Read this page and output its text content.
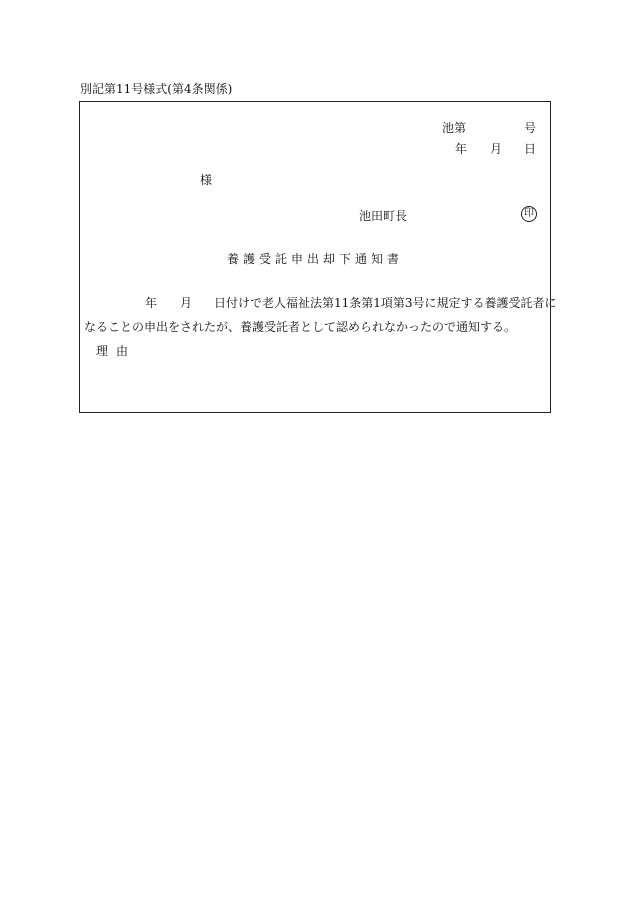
別記第11号様式(第4条関係)
池第	号
年 月 日
様
池田町長	印
養護受託申出却下通知書
年 月 日付けで老人福祉法第11条第1項第3号に規定する養護受託者に
なることの申出をされたが、養護受託者として認められなかったので通知する。
理由
